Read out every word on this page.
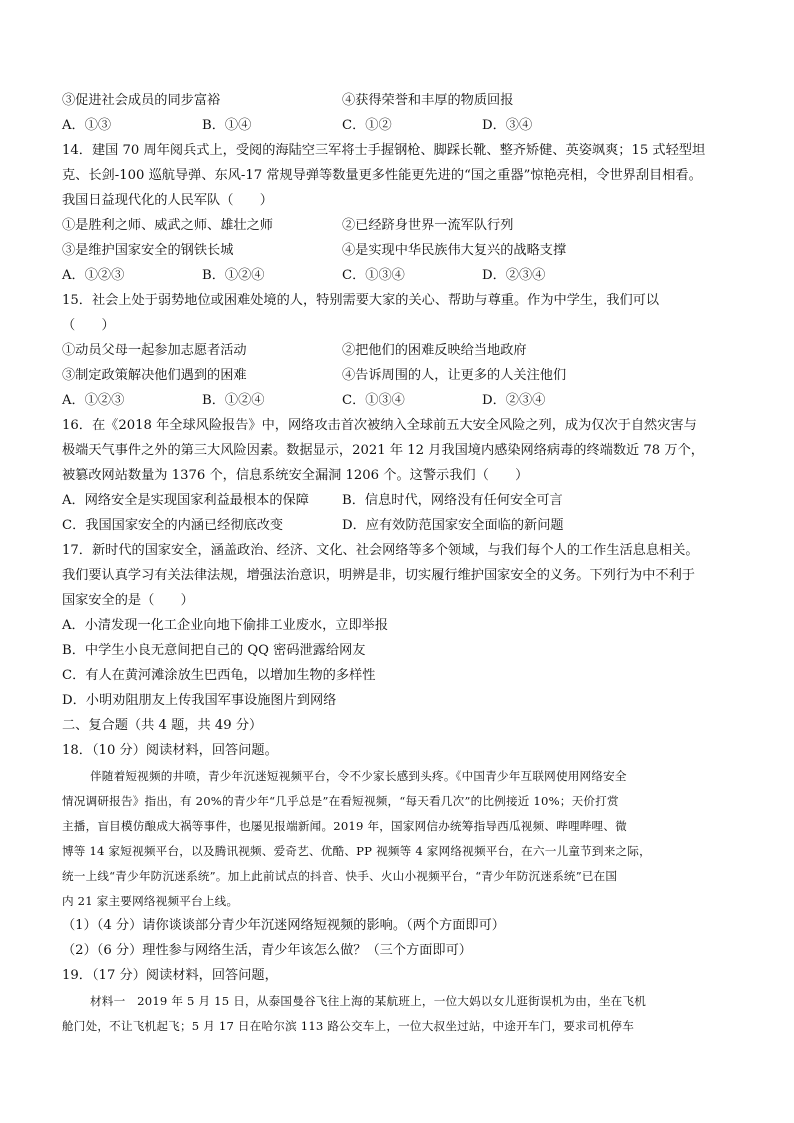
③促进社会成员的同步富裕	④获得荣誉和丰厚的物质回报
A．①③	B．①④	C．①②	D．③④
14．建国 70 周年阅兵式上，受阅的海陆空三军将士手握钢枪、脚踩长靴、整齐矫健、英姿飒爽；15 式轻型坦
克、长剑-100 巡航导弹、东风-17 常规导弹等数量更多性能更先进的“国之重器”惊艳亮相，令世界刮目相看。
我国日益现代化的人民军队（　　）
①是胜利之师、威武之师、雄壮之师	②已经跻身世界一流军队行列
③是维护国家安全的钢铁长城	④是实现中华民族伟大复兴的战略支撑
A．①②③	B．①②④	C．①③④	D．②③④
15．社会上处于弱势地位或困难处境的人，特别需要大家的关心、帮助与尊重。作为中学生，我们可以
（　　）
①动员父母一起参加志愿者活动	②把他们的困难反映给当地政府
③制定政策解决他们遇到的困难	④告诉周围的人，让更多的人关注他们
A．①②③	B．①②④	C．①③④	D．②③④
16．在《2018 年全球风险报告》中，网络攻击首次被纳入全球前五大安全风险之列，成为仅次于自然灾害与
极端天气事件之外的第三大风险因素。数据显示，2021 年 12 月我国境内感染网络病毒的终端数近 78 万个，
被篡改网站数量为 1376 个，信息系统安全漏洞 1206 个。这警示我们（　　）
A．网络安全是实现国家利益最根本的保障	B．信息时代，网络没有任何安全可言
C．我国国家安全的内涵已经彻底改变	D．应有效防范国家安全面临的新问题
17．新时代的国家安全，涵盖政治、经济、文化、社会网络等多个领域，与我们每个人的工作生活息息相关。
我们要认真学习有关法律法规，增强法治意识，明辨是非，切实履行维护国家安全的义务。下列行为中不利于
国家安全的是（　　）
A．小清发现一化工企业向地下偷排工业废水，立即举报
B．中学生小良无意间把自己的 QQ 密码泄露给网友
C．有人在黄河滩涂放生巴西龟，以增加生物的多样性
D．小明劝阻朋友上传我国军事设施图片到网络
二、复合题（共 4 题，共 49 分）
18．（10 分）阅读材料，回答问题。
伴随着短视频的井喷，青少年沉迷短视频平台，令不少家长感到头疼。《中国青少年互联网使用网络安全
情况调研报告》指出，有 20%的青少年“几乎总是”在看短视频，“每天看几次”的比例接近 10%；天价打赏
主播，盲目模仿酿成大祸等事件，也屡见报端新闻。2019 年，国家网信办统筹指导西瓜视频、哔哩哔哩、微
博等 14 家短视频平台，以及腾讯视频、爱奇艺、优酷、PP 视频等 4 家网络视频平台，在六一儿童节到来之际，
统一上线“青少年防沉迷系统”。加上此前试点的抖音、快手、火山小视频平台，“青少年防沉迷系统”已在国
内 21 家主要网络视频平台上线。
（1）（4 分）请你谈谈部分青少年沉迷网络短视频的影响。（两个方面即可）
（2）（6 分）理性参与网络生活，青少年该怎么做？（三个方面即可）
19．（17 分）阅读材料，回答问题，
材料一　2019 年 5 月 15 日，从泰国曼谷飞往上海的某航班上，一位大妈以女儿逛街误机为由，坐在飞机
舱门处，不让飞机起飞；5 月 17 日在哈尔滨 113 路公交车上，一位大叔坐过站，中途开车门，要求司机停车
